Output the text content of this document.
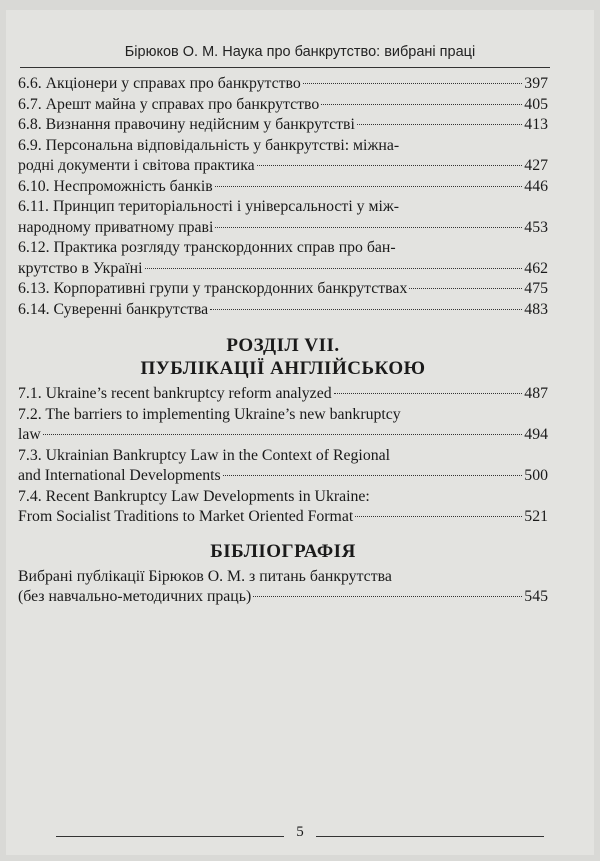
Бірюков О. М. Наука про банкрутство: вибрані праці
6.6. Акціонери у справах про банкрутство	397
6.7. Арешт майна у справах про банкрутство	405
6.8. Визнання правочину недійсним у банкрутстві	413
6.9. Персональна відповідальність у банкрутстві: міжна-
родні документи і світова практика	427
6.10. Неспроможність банків	446
6.11. Принцип територіальності і універсальності у між-
народному приватному праві	453
6.12. Практика розгляду транскордонних справ про бан-
крутство в Україні	462
6.13. Корпоративні групи у транскордонних банкрутствах	475
6.14. Суверенні банкрутства	483
РОЗДІЛ VII.
ПУБЛІКАЦІЇ АНГЛІЙСЬКОЮ
7.1. Ukraine’s recent bankruptcy reform analyzed	487
7.2. The barriers to implementing Ukraine’s new bankruptcy
law	494
7.3. Ukrainian Bankruptcy Law in the Context of Regional
and International Developments	500
7.4. Recent Bankruptcy Law Developments in Ukraine:
From Socialist Traditions to Market Oriented Format	521
БІБЛІОГРАФІЯ
Вибрані публікації Бірюков О. М. з питань банкрутства
(без навчально-методичних праць)	545
5
